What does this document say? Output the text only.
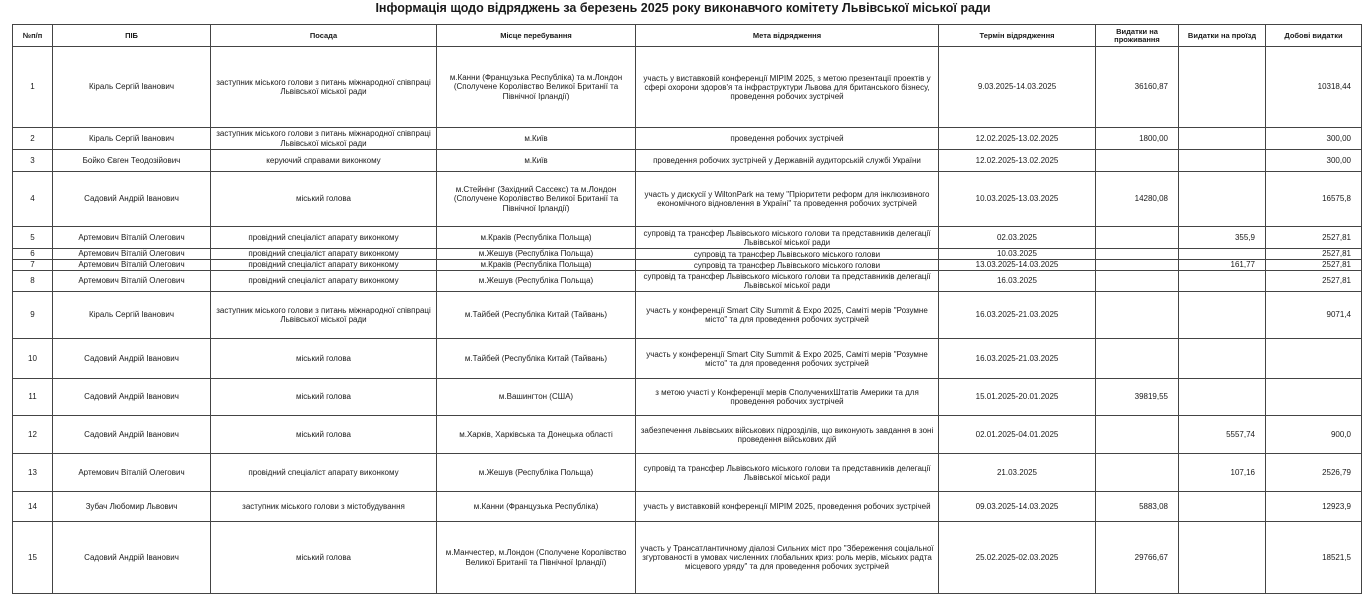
Інформація щодо відряджень за березень 2025 року виконавчого комітету Львівської міської ради
№п/п	ПІБ	Посада	Місце перебування	Мета відрядження	Термін відрядження	Видатки на проживання	Видатки на проїзд	Добові видатки
1	Кіраль Сергій Іванович	заступник міського голови з питань міжнародної співпраці Львівської міської ради	м.Канни (Французька Республіка) та м.Лондон (Сполучене Королівство Великої Британії та Північної Ірландії)	участь у виставковій конференції MIPIM 2025, з метою презентації проектів у сфері охорони здоров'я та інфраструктури Львова для британського бізнесу, проведення робочих зустрічей	9.03.2025-14.03.2025	36160,87		10318,44
2	Кіраль Сергій Іванович	заступник міського голови з питань міжнародної співпраці Львівської міської ради	м.Київ	проведення робочих зустрічей	12.02.2025-13.02.2025	1800,00		300,00
3	Бойко Євген Теодозійович	керуючий справами виконкому	м.Київ	проведення робочих зустрічей у Державній аудиторській службі України	12.02.2025-13.02.2025			300,00
4	Садовий Андрій Іванович	міський голова	м.Стейнінг (Західний Сассекс) та м.Лондон (Сполучене Королівство Великої Британії та Північної Ірландії)	участь у дискусії у WiltonPark на тему "Пріоритети реформ для інклюзивного економічного відновлення в Україні" та проведення робочих зустрічей	10.03.2025-13.03.2025	14280,08		16575,8
5	Артемович Віталій Олегович	провідний спеціаліст апарату виконкому	м.Краків (Республіка Польща)	супровід та трансфер Львівського міського голови та представників делегації Львівської міської ради	02.03.2025		355,9	2527,81
6	Артемович Віталій Олегович	провідний спеціаліст апарату виконкому	м.Жешув (Республіка Польща)	супровід та трансфер Львівського міського голови	10.03.2025			2527,81
7	Артемович Віталій Олегович	провідний спеціаліст апарату виконкому	м.Краків (Республіка Польща)	супровід та трансфер Львівського міського голови	13.03.2025-14.03.2025		161,77	2527,81
8	Артемович Віталій Олегович	провідний спеціаліст апарату виконкому	м.Жешув (Республіка Польща)	супровід та трансфер Львівського міського голови та представників делегації Львівської міської ради	16.03.2025			2527,81
9	Кіраль Сергій Іванович	заступник міського голови з питань міжнародної співпраці Львівської міської ради	м.Тайбей (Республіка Китай (Тайвань)	участь у конференції Smart City Summit & Expo 2025, Саміті мерів "Розумне місто" та для проведення робочих зустрічей	16.03.2025-21.03.2025			9071,4
10	Садовий Андрій Іванович	міський голова	м.Тайбей (Республіка Китай (Тайвань)	участь у конференції Smart City Summit & Expo 2025, Саміті мерів "Розумне місто" та для проведення робочих зустрічей	16.03.2025-21.03.2025			
11	Садовий Андрій Іванович	міський голова	м.Вашингтон (США)	з метою участі у Конференції мерів СполученихШтатів Америки та для проведення робочих зустрічей	15.01.2025-20.01.2025	39819,55		
12	Садовий Андрій Іванович	міський голова	м.Харків, Харківська та Донецька області	забезпечення львівських військових підрозділів, що виконують завдання в зоні проведення військових дій	02.01.2025-04.01.2025		5557,74	900,0
13	Артемович Віталій Олегович	провідний спеціаліст апарату виконкому	м.Жешув (Республіка Польща)	супровід та трансфер Львівського міського голови та представників делегації Львівської міської ради	21.03.2025		107,16	2526,79
14	Зубач Любомир Львович	заступник міського голови з містобудування	м.Канни (Французька Республіка)	участь у виставковій конференції MIPIM 2025, проведення робочих зустрічей	09.03.2025-14.03.2025	5883,08		12923,9
15	Садовий Андрій Іванович	міський голова	м.Манчестер, м.Лондон (Сполучене Королівство Великої Британії та Північної Ірландії)	участь у Трансатлантичному діалозі Сильних міст про "Збереження соціальної згуртованості в умовах численних глобальних криз: роль мерів, міських радта місцевого уряду" та для проведення робочих зустрічей	25.02.2025-02.03.2025	29766,67		18521,5
